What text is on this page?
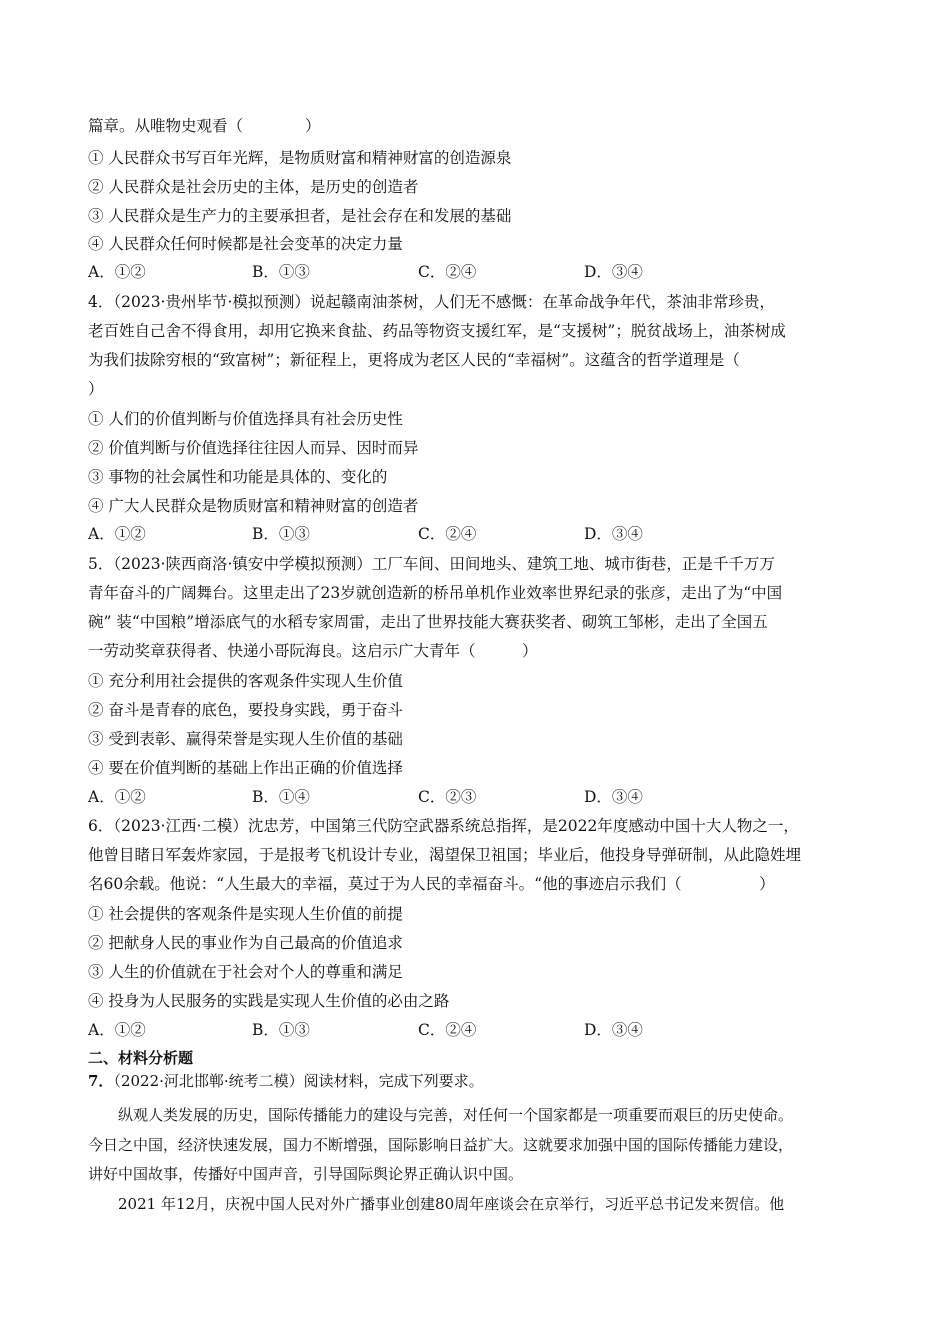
篇章。从唯物史观看（　　　　）
① 人民群众书写百年光辉，是物质财富和精神财富的创造源泉
② 人民群众是社会历史的主体，是历史的创造者
③ 人民群众是生产力的主要承担者，是社会存在和发展的基础
④ 人民群众任何时候都是社会变革的决定力量
A．①②	B．①③	C．②④	D．③④
4．（2023·贵州毕节·模拟预测）说起赣南油茶树，人们无不感慨：在革命战争年代，茶油非常珍贵，
老百姓自己舍不得食用，却用它换来食盐、药品等物资支援红军，是“支援树”；脱贫战场上，油茶树成
为我们拔除穷根的“致富树”；新征程上，更将成为老区人民的“幸福树”。这蕴含的哲学道理是（
）
① 人们的价值判断与价值选择具有社会历史性
② 价值判断与价值选择往往因人而异、因时而异
③ 事物的社会属性和功能是具体的、变化的
④ 广大人民群众是物质财富和精神财富的创造者
A．①②	B．①③	C．②④	D．③④
5．（2023·陕西商洛·镇安中学模拟预测）工厂车间、田间地头、建筑工地、城市街巷，正是千千万万
青年奋斗的广阔舞台。这里走出了23岁就创造新的桥吊单机作业效率世界纪录的张彦，走出了为“中国
碗” 装“中国粮”增添底气的水稻专家周雷，走出了世界技能大赛获奖者、砌筑工邹彬，走出了全国五
一劳动奖章获得者、快递小哥阮海良。这启示广大青年（　　　）
① 充分利用社会提供的客观条件实现人生价值
② 奋斗是青春的底色，要投身实践，勇于奋斗
③ 受到表彰、赢得荣誉是实现人生价值的基础
④ 要在价值判断的基础上作出正确的价值选择
A．①②	B．①④	C．②③	D．③④
6．（2023·江西·二模）沈忠芳，中国第三代防空武器系统总指挥，是2022年度感动中国十大人物之一，
他曾目睹日军轰炸家园，于是报考飞机设计专业，渴望保卫祖国；毕业后，他投身导弹研制，从此隐姓埋
名60余载。他说：“人生最大的幸福，莫过于为人民的幸福奋斗。“他的事迹启示我们（　　　　　）
① 社会提供的客观条件是实现人生价值的前提
② 把献身人民的事业作为自己最高的价值追求
③ 人生的价值就在于社会对个人的尊重和满足
④ 投身为人民服务的实践是实现人生价值的必由之路
A．①②	B．①③	C．②④	D．③④
二、材料分析题
7．（2022·河北邯郸·统考二模）阅读材料，完成下列要求。
纵观人类发展的历史，国际传播能力的建设与完善，对任何一个国家都是一项重要而艰巨的历史使命。
今日之中国，经济快速发展，国力不断增强，国际影响日益扩大。这就要求加强中国的国际传播能力建设，
讲好中国故事，传播好中国声音，引导国际舆论界正确认识中国。
2021 年12月，庆祝中国人民对外广播事业创建80周年座谈会在京举行，习近平总书记发来贺信。他
